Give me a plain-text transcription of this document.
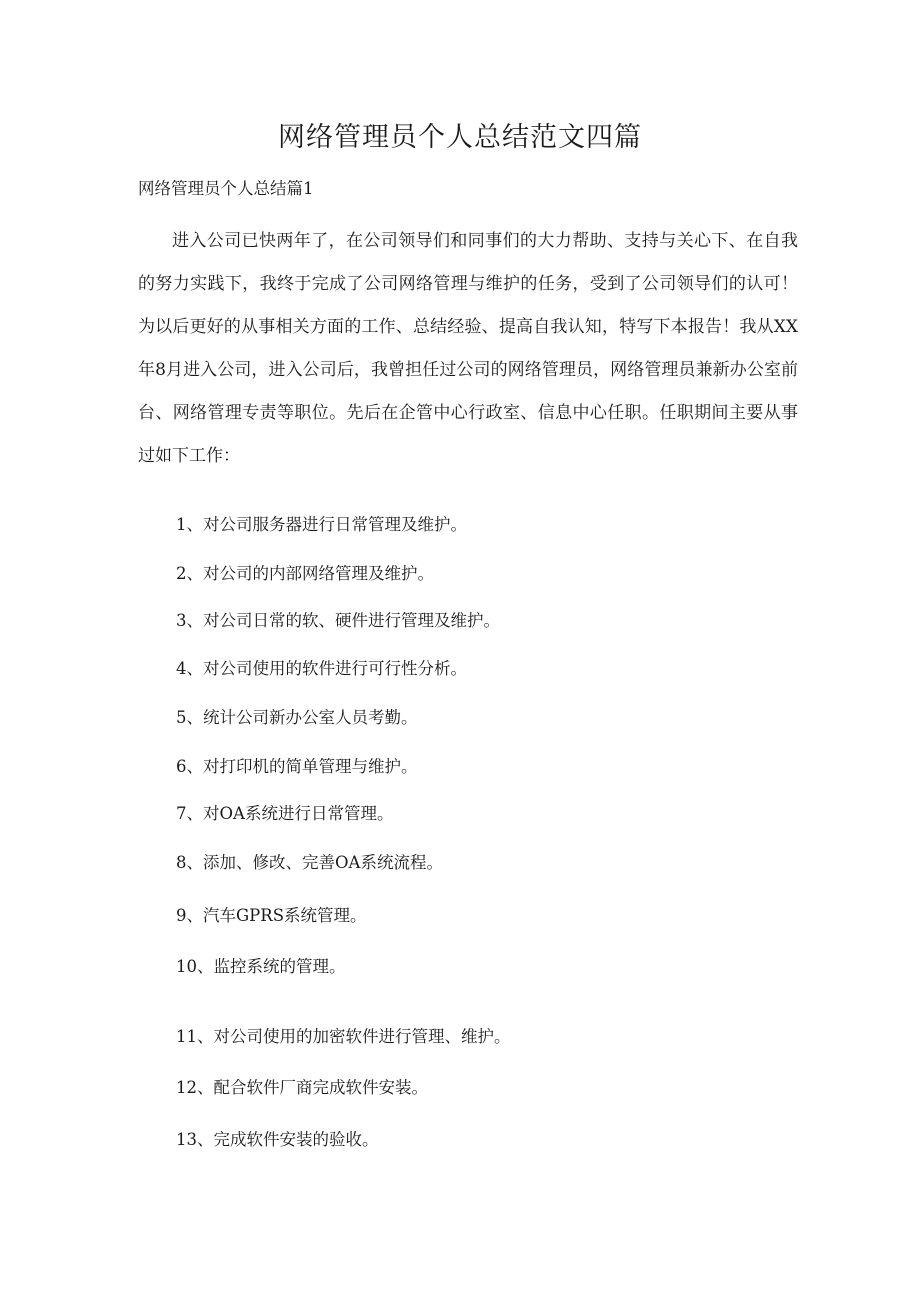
网络管理员个人总结范文四篇

网络管理员个人总结篇1

进入公司已快两年了，在公司领导们和同事们的大力帮助、支持与关心下、在自我的努力实践下，我终于完成了公司网络管理与维护的任务，受到了公司领导们的认可！为以后更好的从事相关方面的工作、总结经验、提高自我认知，特写下本报告！我从XX年8月进入公司，进入公司后，我曾担任过公司的网络管理员，网络管理员兼新办公室前台、网络管理专责等职位。先后在企管中心行政室、信息中心任职。任职期间主要从事过如下工作：

1、对公司服务器进行日常管理及维护。

2、对公司的内部网络管理及维护。

3、对公司日常的软、硬件进行管理及维护。

4、对公司使用的软件进行可行性分析。

5、统计公司新办公室人员考勤。

6、对打印机的简单管理与维护。

7、对OA系统进行日常管理。

8、添加、修改、完善OA系统流程。

9、汽车GPRS系统管理。

10、监控系统的管理。

11、对公司使用的加密软件进行管理、维护。

12、配合软件厂商完成软件安装。

13、完成软件安装的验收。
